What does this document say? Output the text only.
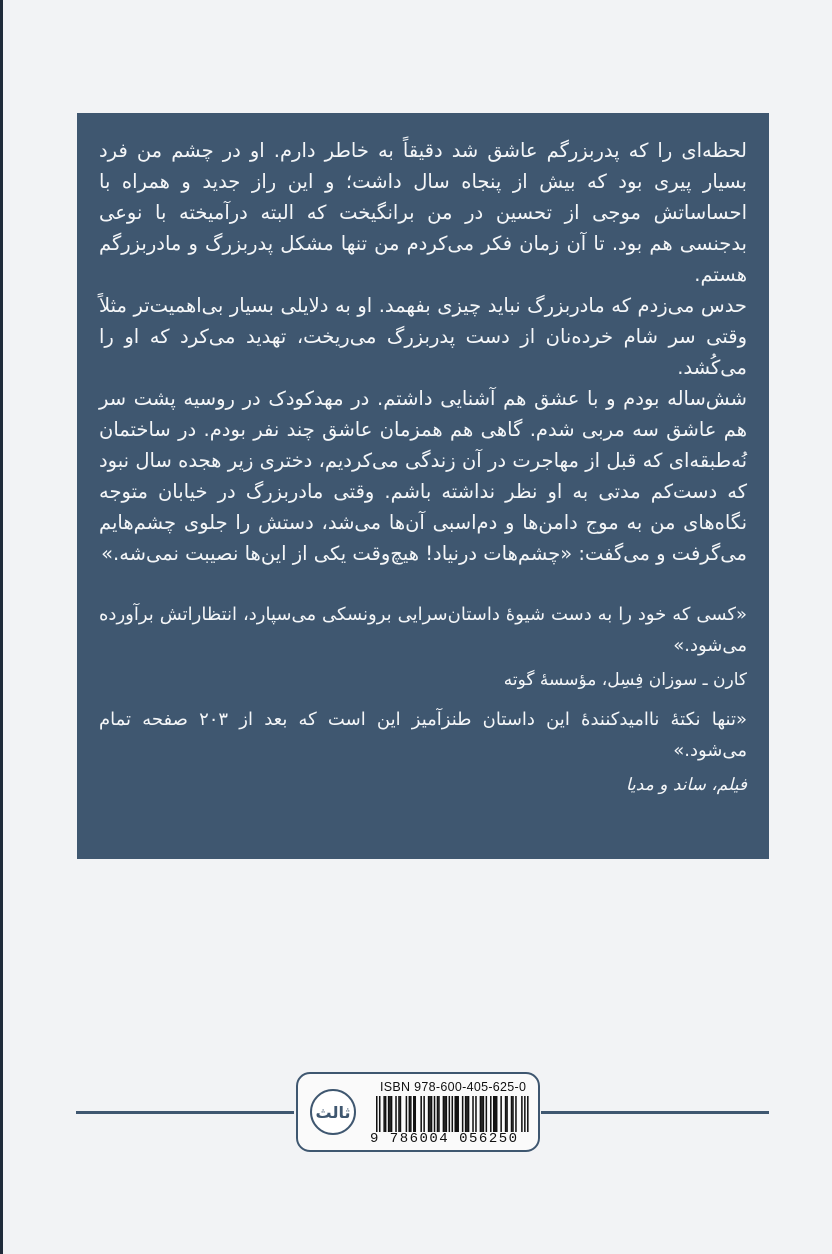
لحظه‌ای را که پدربزرگم عاشق شد دقیقاً به خاطر دارم. او در چشم من فرد بسیار پیری بود که بیش از پنجاه سال داشت؛ و این راز جدید و همراه با احساساتش موجی از تحسین در من برانگیخت که البته درآمیخته با نوعی بدجنسی هم بود. تا آن زمان فکر می‌کردم من تنها مشکل پدربزرگ و مادربزرگم هستم.

حدس می‌زدم که مادربزرگ نباید چیزی بفهمد. او به دلایلی بسیار بی‌اهمیت‌تر مثلاً وقتی سر شام خرده‌نان از دست پدربزرگ می‌ریخت، تهدید می‌کرد که او را می‌کُشد.

شش‌ساله بودم و با عشق هم آشنایی داشتم. در مهدکودک در روسیه پشت سر هم عاشق سه مربی شدم. گاهی هم همزمان عاشق چند نفر بودم. در ساختمان نُه‌طبقه‌ای که قبل از مهاجرت در آن زندگی می‌کردیم، دختری زیر هجده سال نبود که دست‌کم مدتی به او نظر نداشته باشم. وقتی مادربزرگ در خیابان متوجه نگاه‌های من به موج دامن‌ها و دم‌اسبی آن‌ها می‌شد، دستش را جلوی چشم‌هایم می‌گرفت و می‌گفت: «چشم‌هات درنیاد! هیچ‌وقت یکی از این‌ها نصیبت نمی‌شه.»

«کسی که خود را به دست شیوهٔ داستان‌سرایی برونسکی می‌سپارد، انتظاراتش برآورده می‌شود.»

کارن ـ سوزان فِسِل، مؤسسهٔ گوته

«تنها نکتهٔ ناامیدکنندهٔ این داستان طنزآمیز این است که بعد از ۲۰۳ صفحه تمام می‌شود.»

فیلم، ساند و مدیا

ثالث
ISBN 978-600-405-625-0
9 786004 056250
